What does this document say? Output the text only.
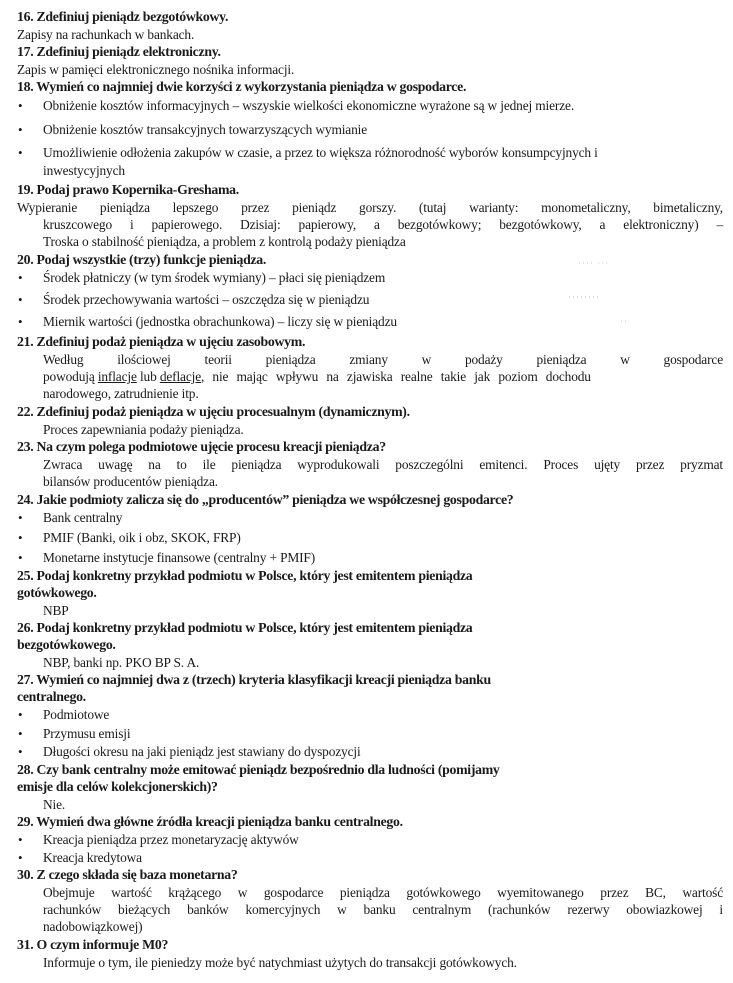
16. Zdefiniuj pieniądz bezgotówkowy.
Zapisy na rachunkach w bankach.
17. Zdefiniuj pieniądz elektroniczny.
Zapis w pamięci elektronicznego nośnika informacji.
18. Wymień co najmniej dwie korzyści z wykorzystania pieniądza w gospodarce.
• Obniżenie kosztów informacyjnych – wszyskie wielkości ekonomiczne wyrażone są w jednej mierze.
• Obniżenie kosztów transakcyjnych towarzyszących wymianie
• Umożliwienie odłożenia zakupów w czasie, a przez to większa różnorodność wyborów konsumpcyjnych i
inwestycyjnych
19. Podaj prawo Kopernika-Greshama.
Wypieranie pieniądza lepszego przez pieniądz gorszy. (tutaj warianty: monometaliczny, bimetaliczny,
kruszcowego i papierowego. Dzisiaj: papierowy, a bezgotówkowy; bezgotówkowy, a elektroniczny) –
Troska o stabilność pieniądza, a problem z kontrolą podaży pieniądza
20. Podaj wszystkie (trzy) funkcje pieniądza.
• Środek płatniczy (w tym środek wymiany) – płaci się pieniądzem
• Środek przechowywania wartości – oszczędza się w pieniądzu
• Miernik wartości (jednostka obrachunkowa) – liczy się w pieniądzu
···· ···
········
··
21. Zdefiniuj podaż pieniądza w ujęciu zasobowym.
Według ilościowej teorii pieniądza zmiany w podaży pieniądza w gospodarce
powodują inflacje lub deflacje, nie mając wpływu na zjawiska realne takie jak poziom dochodu
narodowego, zatrudnienie itp.
22. Zdefiniuj podaż pieniądza w ujęciu procesualnym (dynamicznym).
Proces zapewniania podaży pieniądza.
23. Na czym polega podmiotowe ujęcie procesu kreacji pieniądza?
Zwraca uwagę na to ile pieniądza wyprodukowali poszczególni emitenci. Proces ujęty przez pryzmat
bilansów producentów pieniądza.
24. Jakie podmioty zalicza się do „producentów” pieniądza we współczesnej gospodarce?
• Bank centralny
• PMIF (Banki, oik i obz, SKOK, FRP)
• Monetarne instytucje finansowe (centralny + PMIF)
25. Podaj konkretny przykład podmiotu w Polsce, który jest emitentem pieniądza
gotówkowego.
NBP
26. Podaj konkretny przykład podmiotu w Polsce, który jest emitentem pieniądza
bezgotówkowego.
NBP, banki np. PKO BP S. A.
27. Wymień co najmniej dwa z (trzech) kryteria klasyfikacji kreacji pieniądza banku
centralnego.
• Podmiotowe
• Przymusu emisji
• Długości okresu na jaki pieniądz jest stawiany do dyspozycji
28. Czy bank centralny może emitować pieniądz bezpośrednio dla ludności (pomijamy
emisje dla celów kolekcjonerskich)?
Nie.
29. Wymień dwa główne źródła kreacji pieniądza banku centralnego.
• Kreacja pieniądza przez monetaryzację aktywów
• Kreacja kredytowa
30. Z czego składa się baza monetarna?
Obejmuje wartość krążącego w gospodarce pieniądza gotówkowego wyemitowanego przez BC, wartość
rachunków bieżących banków komercyjnych w banku centralnym (rachunków rezerwy obowiazkowej i
nadobowiązkowej)
31. O czym informuje M0?
Informuje o tym, ile pieniedzy może być natychmiast użytych do transakcji gotówkowych.
